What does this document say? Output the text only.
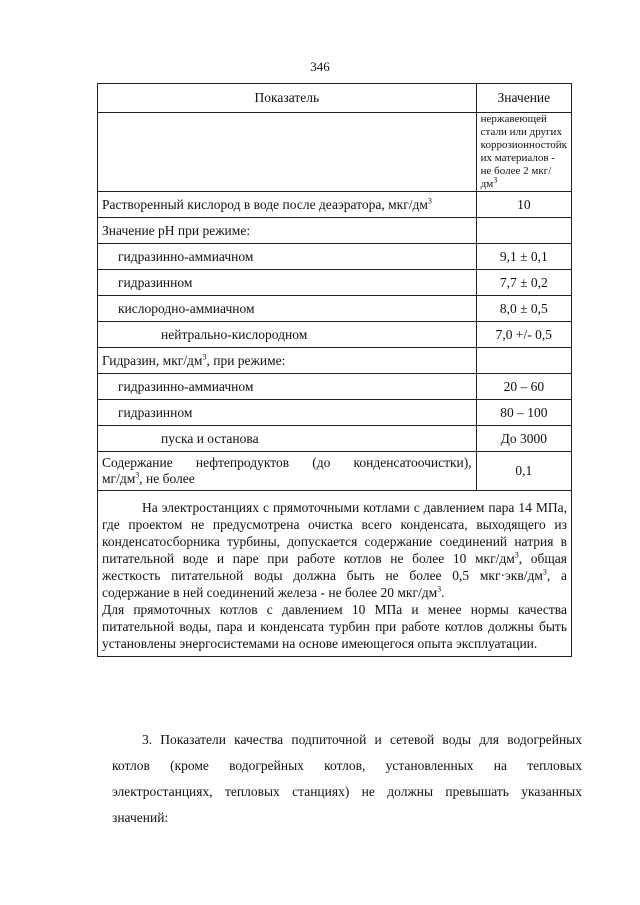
346
Показатель	Значение
	нержавеющей стали или других коррозионностойк их материалов - не более 2 мкг/$дм^3$
Растворенный кислород в воде после деаэратора, мкг/$дм^3$	10
Значение pH при режиме:	
гидразинно-аммиачном	9,1 ± 0,1
гидразинном	7,7 ± 0,2
кислородно-аммиачном	8,0 ± 0,5
нейтрально-кислородном	7,0 +/- 0,5
Гидразин, мкг/$дм^3$, при режиме:	
гидразинно-аммиачном	20 – 60
гидразинном	80 – 100
пуска и останова	До 3000

Содержание нефтепродуктов (до конденсатоочистки),
$мг/дм^3$, не более	0,1

На электростанциях с прямоточными котлами с давлением пара 14 МПа, где проектом не предусмотрена очистка всего конденсата, выходящего из конденсатосборника турбины, допускается содержание соединений натрия в питательной воде и паре при работе котлов не более 10 мкг/$дм^3$, общая жесткость питательной воды должна быть не более 0,5 $мкг\cdot экв/дм^3$, а содержание в ней соединений железа - не более 20 мкг/$дм^3$.

Для прямоточных котлов с давлением 10 МПа и менее нормы качества питательной воды, пара и конденсата турбин при работе котлов должны быть установлены энергосистемами на основе имеющегося опыта эксплуатации.	

3. Показатели качества подпиточной и сетевой воды для водогрейных котлов (кроме водогрейных котлов, установленных на тепловых электростанциях, тепловых станциях) не должны превышать указанных значений:
